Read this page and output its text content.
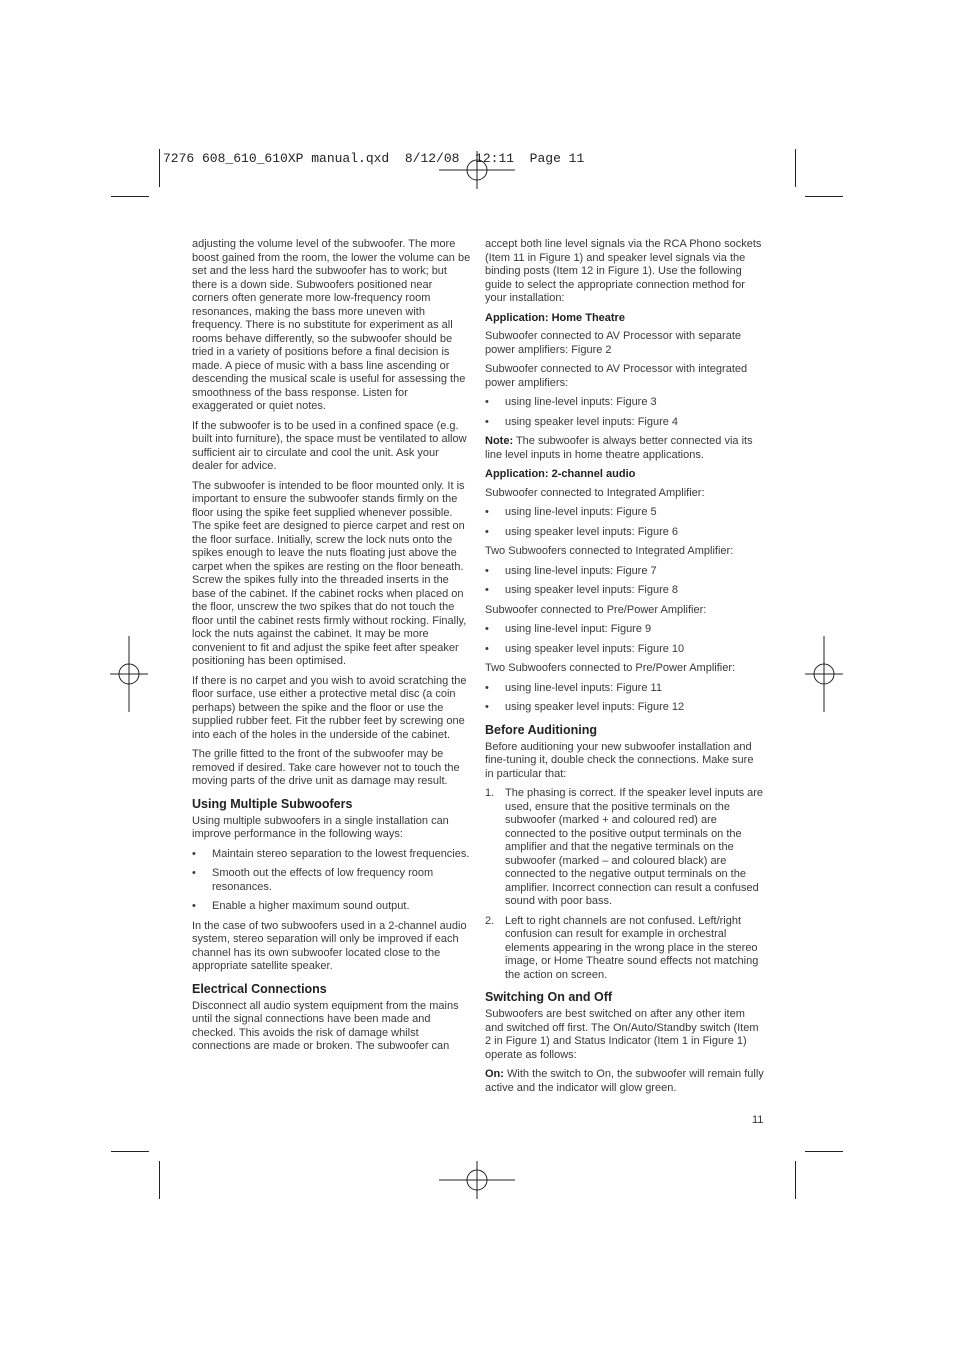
7276 608_610_610XP manual.qxd  8/12/08  12:11  Page 11

adjusting the volume level of the subwoofer. The more boost gained from the room, the lower the volume can be set and the less hard the subwoofer has to work; but there is a down side. Subwoofers positioned near corners often generate more low-frequency room resonances, making the bass more uneven with frequency. There is no substitute for experiment as all rooms behave differently, so the subwoofer should be tried in a variety of positions before a final decision is made. A piece of music with a bass line ascending or descending the musical scale is useful for assessing the smoothness of the bass response. Listen for exaggerated or quiet notes.

If the subwoofer is to be used in a confined space (e.g. built into furniture), the space must be ventilated to allow sufficient air to circulate and cool the unit. Ask your dealer for advice.

The subwoofer is intended to be floor mounted only. It is important to ensure the subwoofer stands firmly on the floor using the spike feet supplied whenever possible. The spike feet are designed to pierce carpet and rest on the floor surface. Initially, screw the lock nuts onto the spikes enough to leave the nuts floating just above the carpet when the spikes are resting on the floor beneath. Screw the spikes fully into the threaded inserts in the base of the cabinet. If the cabinet rocks when placed on the floor, unscrew the two spikes that do not touch the floor until the cabinet rests firmly without rocking. Finally, lock the nuts against the cabinet. It may be more convenient to fit and adjust the spike feet after speaker positioning has been optimised.

If there is no carpet and you wish to avoid scratching the floor surface, use either a protective metal disc (a coin perhaps) between the spike and the floor or use the supplied rubber feet. Fit the rubber feet by screwing one into each of the holes in the underside of the cabinet.

The grille fitted to the front of the subwoofer may be removed if desired. Take care however not to touch the moving parts of the drive unit as damage may result.

Using Multiple Subwoofers

Using multiple subwoofers in a single installation can improve performance in the following ways:

• Maintain stereo separation to the lowest frequencies.
• Smooth out the effects of low frequency room resonances.
• Enable a higher maximum sound output.

In the case of two subwoofers used in a 2-channel audio system, stereo separation will only be improved if each channel has its own subwoofer located close to the appropriate satellite speaker.

Electrical Connections

Disconnect all audio system equipment from the mains until the signal connections have been made and checked. This avoids the risk of damage whilst connections are made or broken. The subwoofer can

accept both line level signals via the RCA Phono sockets (Item 11 in Figure 1) and speaker level signals via the binding posts (Item 12 in Figure 1). Use the following guide to select the appropriate connection method for your installation:

Application: Home Theatre

Subwoofer connected to AV Processor with separate power amplifiers: Figure 2

Subwoofer connected to AV Processor with integrated power amplifiers:

• using line-level inputs: Figure 3
• using speaker level inputs: Figure 4

Note: The subwoofer is always better connected via its line level inputs in home theatre applications.

Application: 2-channel audio

Subwoofer connected to Integrated Amplifier:

• using line-level inputs: Figure 5
• using speaker level inputs: Figure 6

Two Subwoofers connected to Integrated Amplifier:

• using line-level inputs: Figure 7
• using speaker level inputs: Figure 8

Subwoofer connected to Pre/Power Amplifier:

• using line-level input: Figure 9
• using speaker level inputs: Figure 10

Two Subwoofers connected to Pre/Power Amplifier:

• using line-level inputs: Figure 11
• using speaker level inputs: Figure 12
Before Auditioning

Before auditioning your new subwoofer installation and fine-tuning it, double check the connections. Make sure in particular that:

1. The phasing is correct. If the speaker level inputs are used, ensure that the positive terminals on the subwoofer (marked + and coloured red) are connected to the positive output terminals on the amplifier and that the negative terminals on the subwoofer (marked – and coloured black) are connected to the negative output terminals on the amplifier. Incorrect connection can result a confused sound with poor bass.
2. Left to right channels are not confused. Left/right confusion can result for example in orchestral elements appearing in the wrong place in the stereo image, or Home Theatre sound effects not matching the action on screen.
Switching On and Off

Subwoofers are best switched on after any other item and switched off first. The On/Auto/Standby switch (Item 2 in Figure 1) and Status Indicator (Item 1 in Figure 1) operate as follows:

On: With the switch to On, the subwoofer will remain fully active and the indicator will glow green.

11
